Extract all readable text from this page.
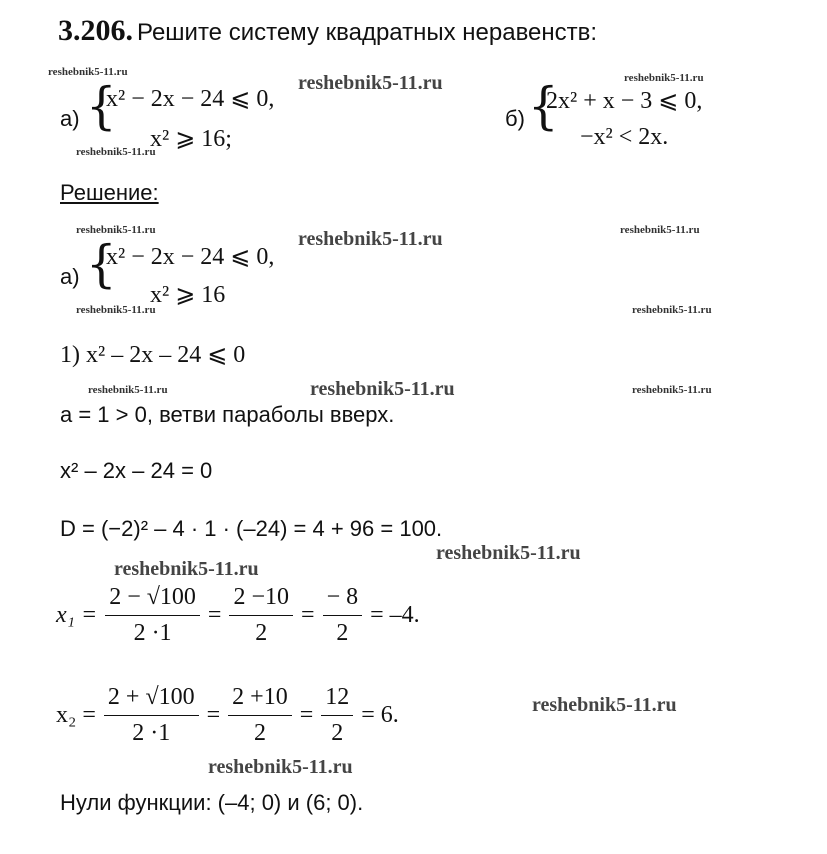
3.206. Решите систему квадратных неравенств:
reshebnik5-11.ru	reshebnik5-11.ru
а) {
x² − 2x − 24 ⩽ 0,
x² ⩾ 16;
reshebnik5-11.ru
reshebnik5-11.ru
б) {
2x² + x − 3 ⩽ 0,
−x² < 2x.
Решение:
reshebnik5-11.ru	reshebnik5-11.ru	reshebnik5-11.ru
а) {
x² − 2x − 24 ⩽ 0,
x² ⩾ 16
reshebnik5-11.ru	reshebnik5-11.ru
1) x² – 2x – 24 ⩽ 0
reshebnik5-11.ru	reshebnik5-11.ru	reshebnik5-11.ru
a = 1 > 0, ветви параболы вверх.
x² – 2x – 24 = 0
D = (−2)² – 4 · 1 · (–24) = 4 + 96 = 100.
reshebnik5-11.ru
reshebnik5-11.ru
$x_1 = \frac{2 - √100}{2 \cdot 1} = \frac{2 -10}{2} = \frac{- 8}{2} = -4$.
$x_2 = \frac{2 + √100}{2 \cdot 1} = \frac{2 +10}{2} = \frac{12}{2} = 6$.	reshebnik5-11.ru
reshebnik5-11.ru
Нули функции: (–4; 0) и (6; 0).
